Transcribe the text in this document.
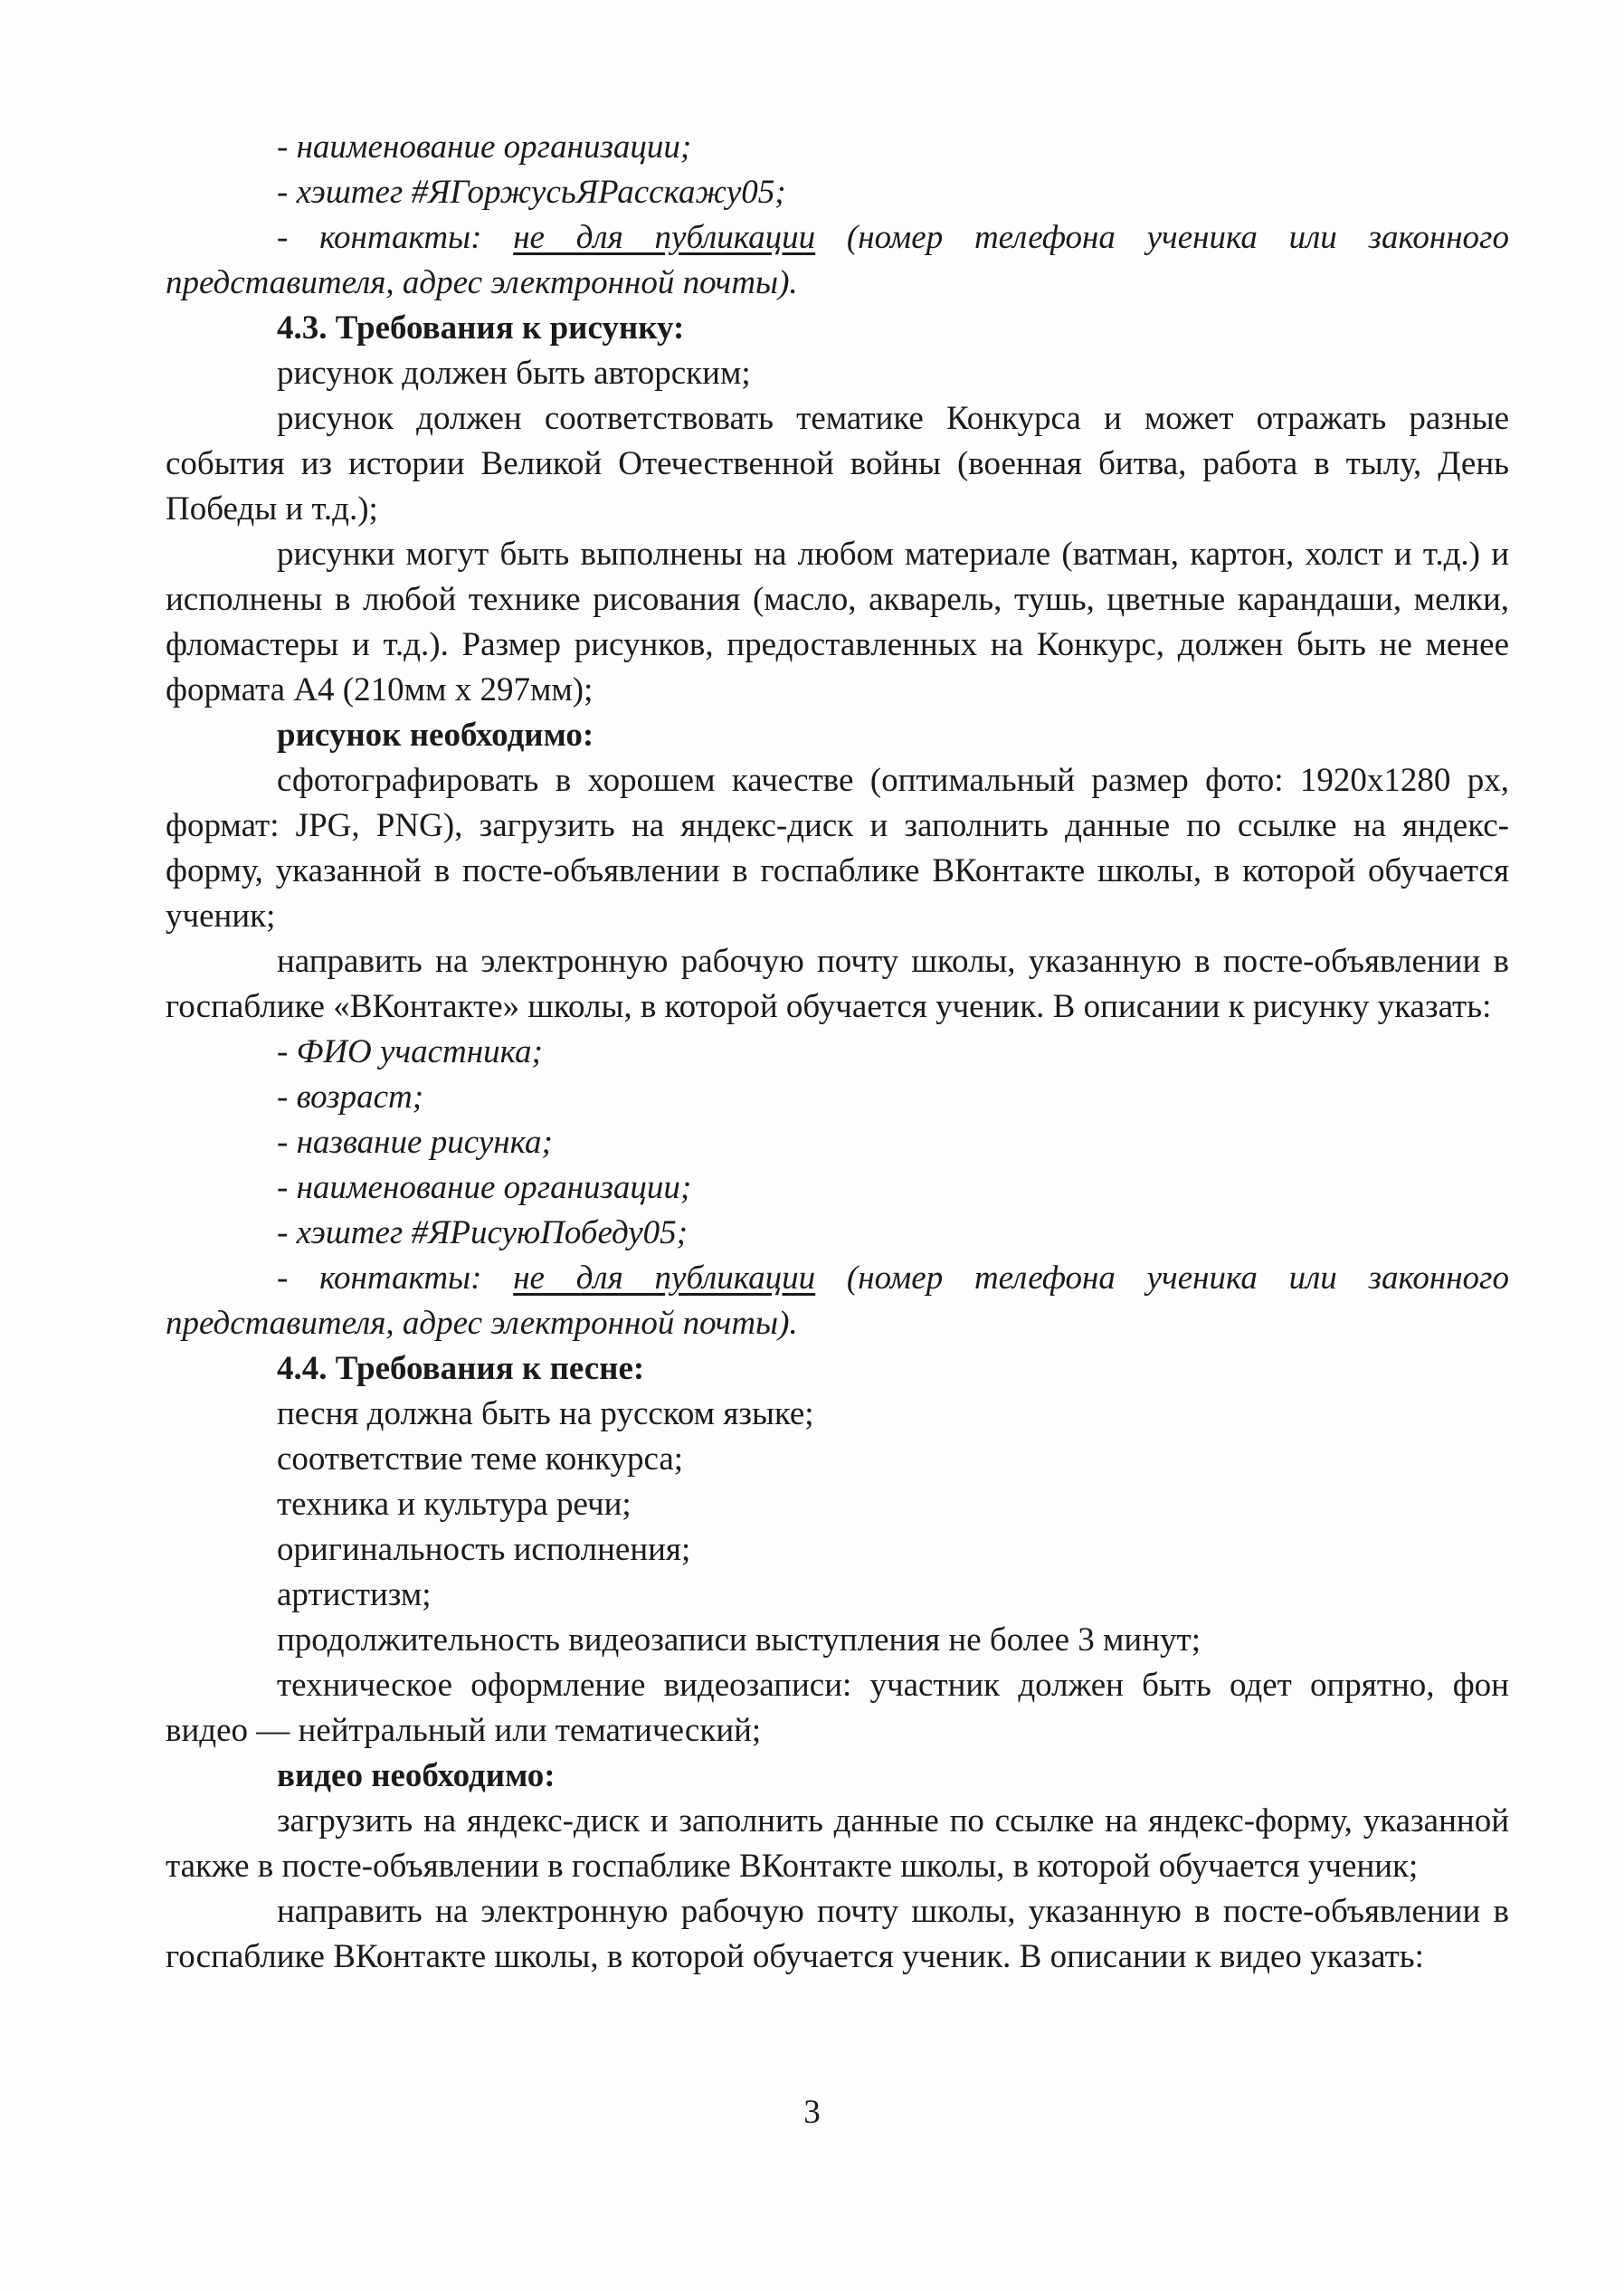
- наименование организации;

- хэштег #ЯГоржусьЯРасскажу05;

- контакты: не для публикации (номер телефона ученика или законного представителя, адрес электронной почты).

4.3. Требования к рисунку:

рисунок должен быть авторским;

рисунок должен соответствовать тематике Конкурса и может отражать разные события из истории Великой Отечественной войны (военная битва, работа в тылу, День Победы и т.д.);

рисунки могут быть выполнены на любом материале (ватман, картон, холст и т.д.) и исполнены в любой технике рисования (масло, акварель, тушь, цветные карандаши, мелки, фломастеры и т.д.). Размер рисунков, предоставленных на Конкурс, должен быть не менее формата А4 (210мм х 297мм);

рисунок необходимо:

сфотографировать в хорошем качестве (оптимальный размер фото: 1920x1280 px, формат: JPG, PNG), загрузить на яндекс-диск и заполнить данные по ссылке на яндекс-форму, указанной в посте-объявлении в госпаблике ВКонтакте школы, в которой обучается ученик;

направить на электронную рабочую почту школы, указанную в посте-объявлении в госпаблике «ВКонтакте» школы, в которой обучается ученик. В описании к рисунку указать:

- ФИО участника;

- возраст;

- название рисунка;

- наименование организации;

- хэштег #ЯРисуюПобеду05;

- контакты: не для публикации (номер телефона ученика или законного представителя, адрес электронной почты).

4.4. Требования к песне:

песня должна быть на русском языке;

соответствие теме конкурса;

техника и культура речи;

оригинальность исполнения;

артистизм;

продолжительность видеозаписи выступления не более 3 минут;

техническое оформление видеозаписи: участник должен быть одет опрятно, фон видео — нейтральный или тематический;

видео необходимо:

загрузить на яндекс-диск и заполнить данные по ссылке на яндекс-форму, указанной также в посте-объявлении в госпаблике ВКонтакте школы, в которой обучается ученик;

направить на электронную рабочую почту школы, указанную в посте-объявлении в госпаблике ВКонтакте школы, в которой обучается ученик. В описании к видео указать:

3
